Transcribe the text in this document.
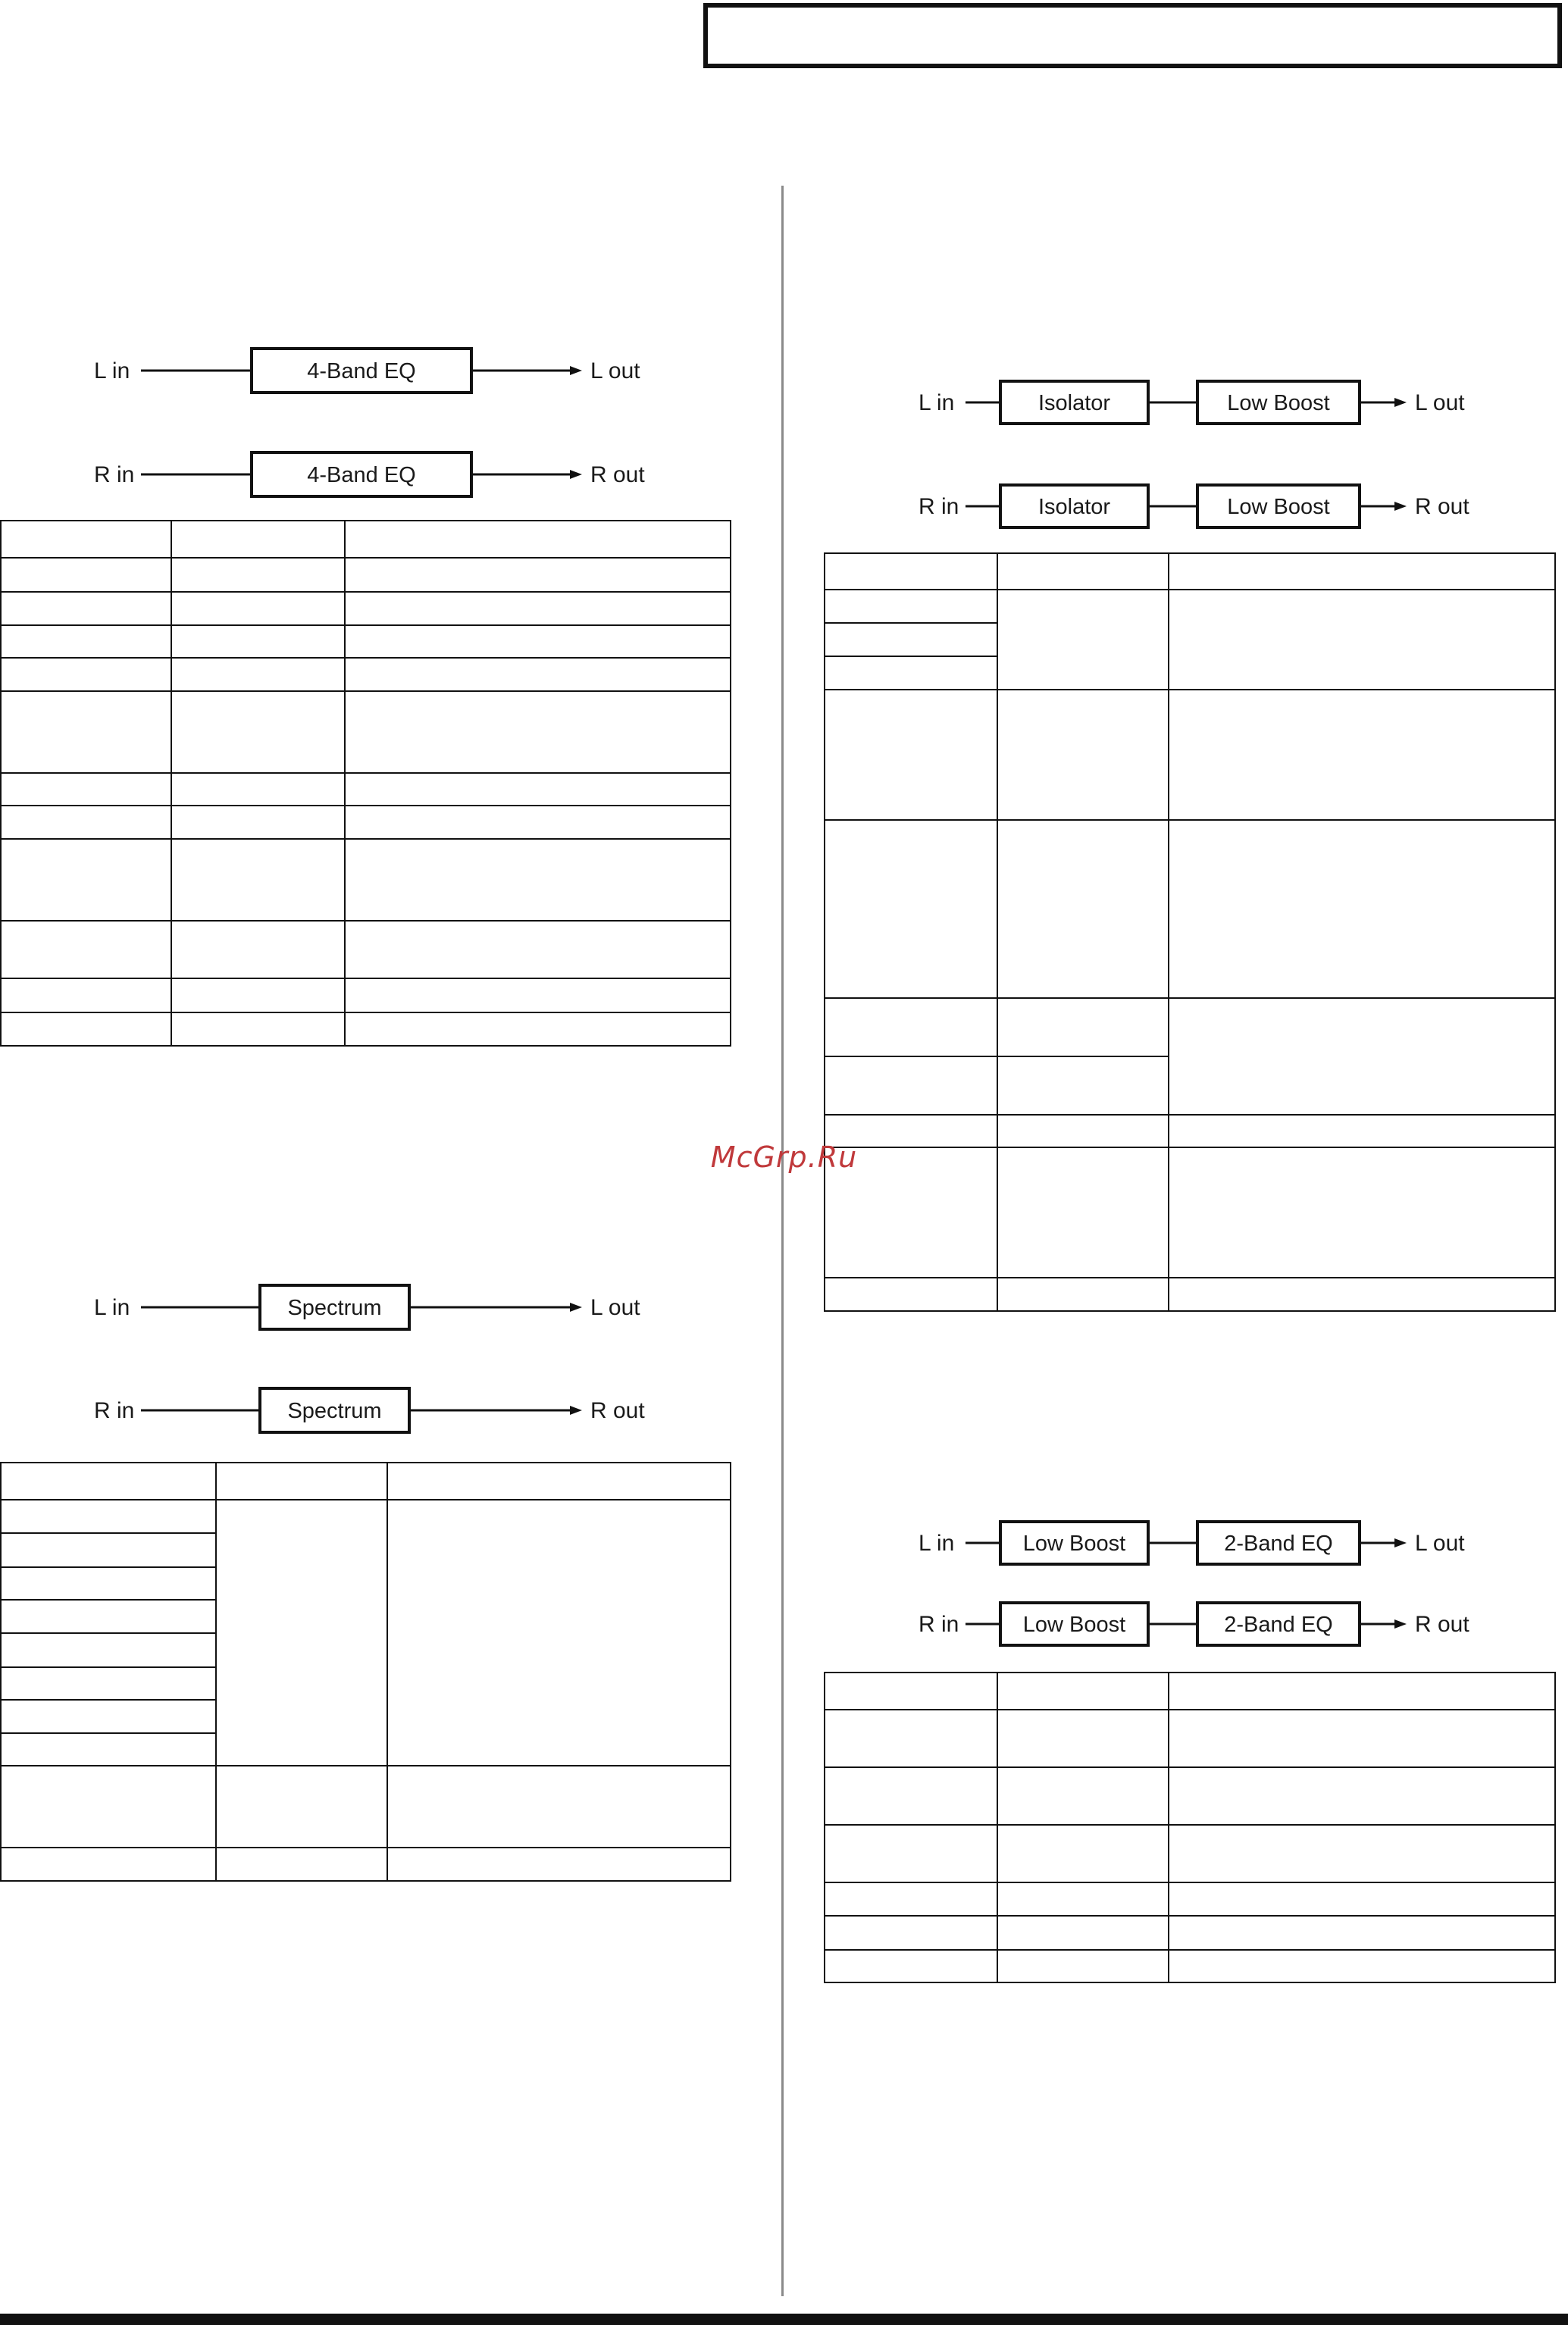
L in	4-Band EQ	L out
R in	4-Band EQ	R out
L in	Spectrum	L out
R in	Spectrum	R out
L in	Isolator	Low Boost	L out
R in	Isolator	Low Boost	R out
L in	Low Boost	2-Band EQ	L out
R in	Low Boost	2-Band EQ	R out
McGrp.Ru
